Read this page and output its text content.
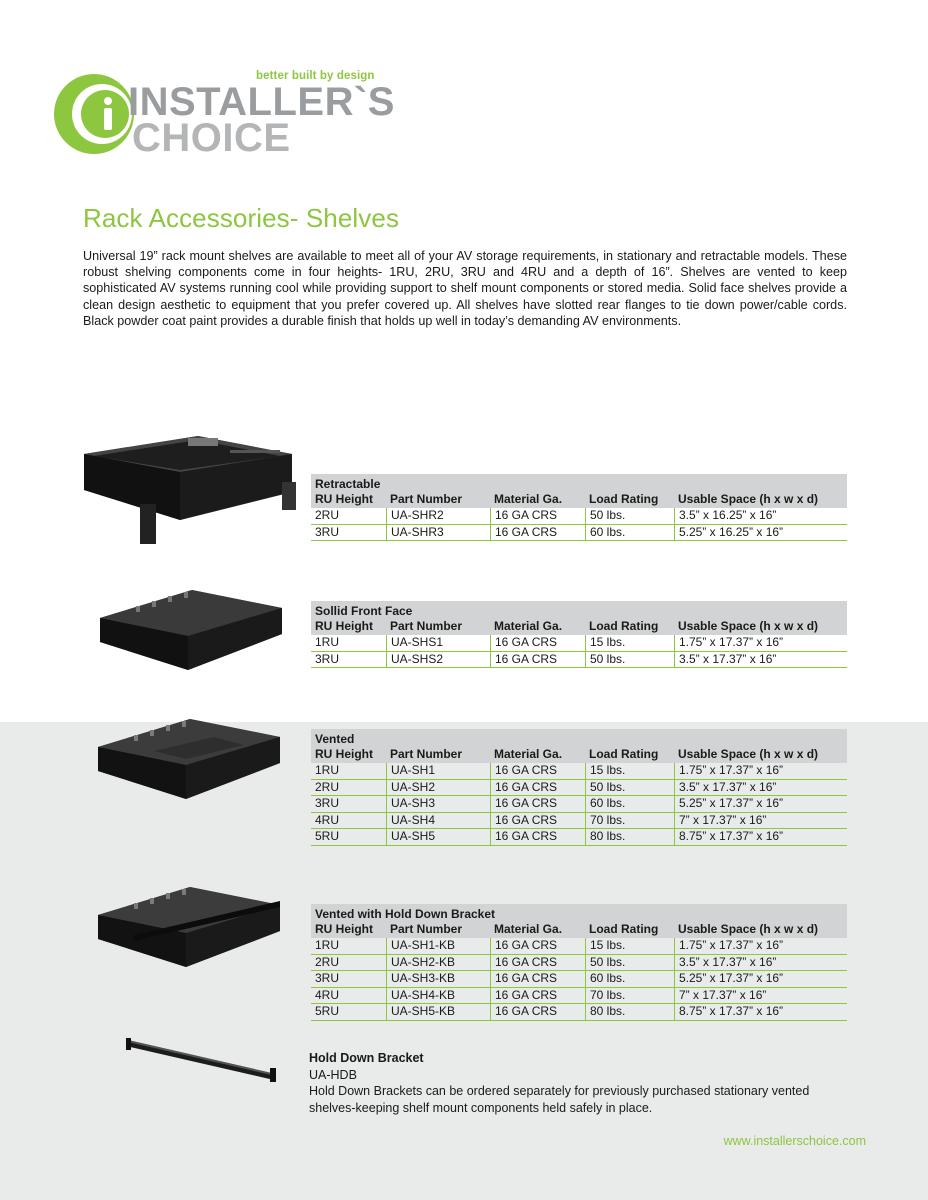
better built by design
INSTALLER`S
CHOICE
Rack Accessories- Shelves

Universal 19” rack mount shelves are available to meet all of your AV storage requirements, in stationary and retractable models. These robust shelving components come in four heights- 1RU, 2RU, 3RU and 4RU and a depth of 16”. Shelves are vented to keep sophisticated AV systems running cool while providing support to shelf mount components or stored media. Solid face shelves provide a clean design aesthetic to equipment that you prefer covered up. All shelves have slotted rear flanges to tie down power/cable cords. Black powder coat paint provides a durable finish that holds up well in today’s demanding AV environments.

Retractable
RU Height	Part Number	Material Ga.	Load Rating	Usable Space (h x w x d)
2RU	UA-SHR2	16 GA CRS	50 lbs.	3.5” x 16.25” x 16”
3RU	UA-SHR3	16 GA CRS	60 lbs.	5.25” x 16.25” x 16”
Sollid Front Face
RU Height	Part Number	Material Ga.	Load Rating	Usable Space (h x w x d)
1RU	UA-SHS1	16 GA CRS	15 lbs.	1.75” x 17.37” x 16”
3RU	UA-SHS2	16 GA CRS	50 lbs.	3.5” x 17.37” x 16”
Vented
RU Height	Part Number	Material Ga.	Load Rating	Usable Space (h x w x d)
1RU	UA-SH1	16 GA CRS	15 lbs.	1.75” x 17.37” x 16”
2RU	UA-SH2	16 GA CRS	50 lbs.	3.5” x 17.37” x 16”
3RU	UA-SH3	16 GA CRS	60 lbs.	5.25” x 17.37” x 16”
4RU	UA-SH4	16 GA CRS	70 lbs.	7” x 17.37” x 16”
5RU	UA-SH5	16 GA CRS	80 lbs.	8.75” x 17.37” x 16”
Vented with Hold Down Bracket
RU Height	Part Number	Material Ga.	Load Rating	Usable Space (h x w x d)
1RU	UA-SH1-KB	16 GA CRS	15 lbs.	1.75” x 17.37” x 16”
2RU	UA-SH2-KB	16 GA CRS	50 lbs.	3.5” x 17.37” x 16”
3RU	UA-SH3-KB	16 GA CRS	60 lbs.	5.25” x 17.37” x 16”
4RU	UA-SH4-KB	16 GA CRS	70 lbs.	7” x 17.37” x 16”
5RU	UA-SH5-KB	16 GA CRS	80 lbs.	8.75” x 17.37” x 16”
Hold Down Bracket
UA-HDB
Hold Down Brackets can be ordered separately for previously purchased stationary vented shelves-keeping shelf mount components held safely in place.
www.installerschoice.com
